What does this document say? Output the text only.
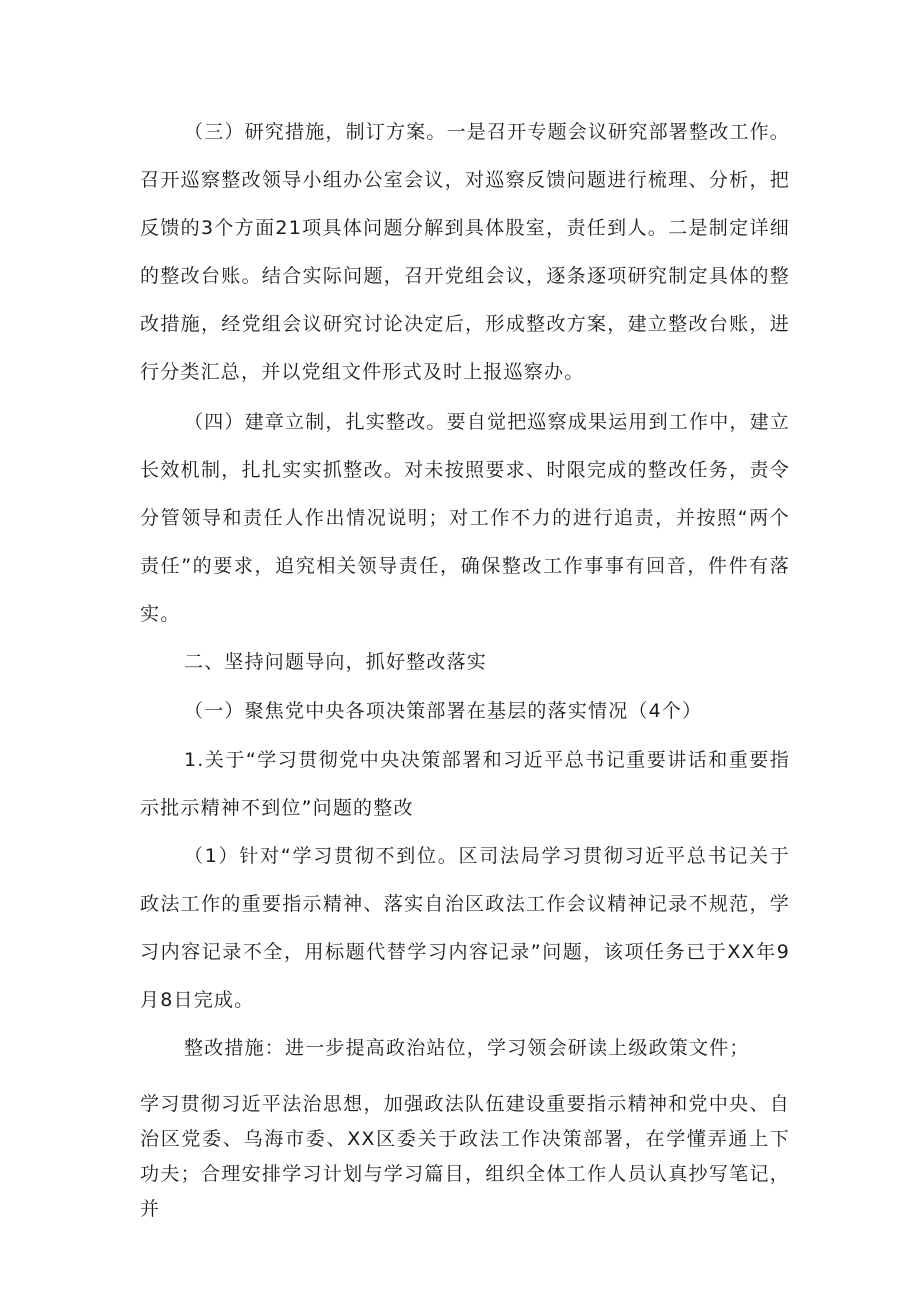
（三）研究措施，制订方案。一是召开专题会议研究部署整改工作。召开巡察整改领导小组办公室会议，对巡察反馈问题进行梳理、分析，把反馈的3个方面21项具体问题分解到具体股室，责任到人。二是制定详细的整改台账。结合实际问题，召开党组会议，逐条逐项研究制定具体的整改措施，经党组会议研究讨论决定后，形成整改方案，建立整改台账，进行分类汇总，并以党组文件形式及时上报巡察办。

（四）建章立制，扎实整改。要自觉把巡察成果运用到工作中，建立长效机制，扎扎实实抓整改。对未按照要求、时限完成的整改任务，责令分管领导和责任人作出情况说明；对工作不力的进行追责，并按照“两个责任”的要求，追究相关领导责任，确保整改工作事事有回音，件件有落实。

二、坚持问题导向，抓好整改落实

（一）聚焦党中央各项决策部署在基层的落实情况（4个）

1.关于“学习贯彻党中央决策部署和习近平总书记重要讲话和重要指示批示精神不到位”问题的整改

（1）针对“学习贯彻不到位。区司法局学习贯彻习近平总书记关于政法工作的重要指示精神、落实自治区政法工作会议精神记录不规范，学习内容记录不全，用标题代替学习内容记录”问题，该项任务已于XX年9月8日完成。

整改措施：进一步提高政治站位，学习领会研读上级政策文件；

学习贯彻习近平法治思想，加强政法队伍建设重要指示精神和党中央、自治区党委、乌海市委、XX区委关于政法工作决策部署，在学懂弄通上下功夫；合理安排学习计划与学习篇目，组织全体工作人员认真抄写笔记，并
